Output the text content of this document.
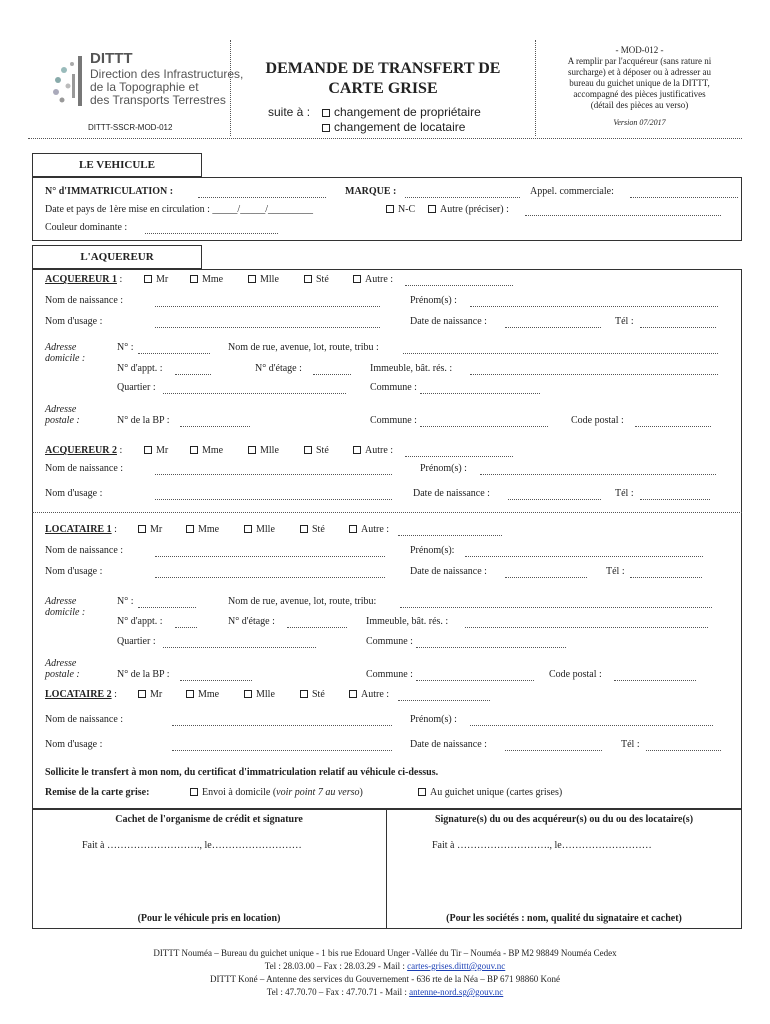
DITTT
Direction des Infrastructures,
de la Topographie et
des Transports Terrestres
DITTT-SSCR-MOD-012
DEMANDE DE TRANSFERT DE
CARTE GRISE
suite à :	changement de propriétaire
changement de locataire
- MOD-012 -
A remplir par l'acquéreur (sans rature ni
surcharge) et à déposer ou à adresser au
bureau du guichet unique de la DITTT,
accompagné des pièces justificatives
(détail des pièces au verso)
Version 07/2017
LE VEHICULE
N° d'IMMATRICULATION :	MARQUE :	Appel. commerciale:
Date et pays de 1ère mise en circulation : _____/_____/_________	N-C	Autre (préciser) :
Couleur dominante :
L'AQUEREUR
ACQUEREUR 1 :	Mr	Mme	Mlle	Sté	Autre :
Nom de naissance :	Prénom(s) :
Nom d'usage :	Date de naissance :	Tél :
Adresse
domicile :
N° :	Nom de rue, avenue, lot, route, tribu :
N° d'appt. :	N° d'étage :	Immeuble, bât. rés. :
Quartier :	Commune :
Adresse
postale :	N° de la BP :	Commune :	Code postal :
ACQUEREUR 2 :	Mr	Mme	Mlle	Sté	Autre :
Nom de naissance :	Prénom(s) :
Nom d'usage :	Date de naissance :	Tél :
LOCATAIRE 1 :	Mr	Mme	Mlle	Sté	Autre :
Nom de naissance :	Prénom(s):
Nom d'usage :	Date de naissance :	Tél :
Adresse
domicile :
N° :	Nom de rue, avenue, lot, route, tribu:
N° d'appt. :	N° d'étage :	Immeuble, bât. rés. :
Quartier :	Commune :
Adresse
postale :	N° de la BP :	Commune :	Code postal :
LOCATAIRE 2 :	Mr	Mme	Mlle	Sté	Autre :
Nom de naissance :	Prénom(s) :
Nom d'usage :	Date de naissance :	Tél :
Sollicite le transfert à mon nom, du certificat d'immatriculation relatif au véhicule ci-dessus.
Remise de la carte grise:	Envoi à domicile (voir point 7 au verso)	Au guichet unique (cartes grises)
Cachet de l'organisme de crédit et signature	Signature(s) du ou des acquéreur(s) ou du ou des locataire(s)
Fait à ………………………., le………………………	Fait à ………………………., le………………………
(Pour le véhicule pris en location)	(Pour les sociétés : nom, qualité du signataire et cachet)
DITTT Nouméa – Bureau du guichet unique - 1 bis rue Edouard Unger -Vallée du Tir – Nouméa - BP M2 98849 Nouméa Cedex
Tel : 28.03.00 – Fax : 28.03.29 - Mail : cartes-grises.dittt@gouv.nc
DITTT Koné – Antenne des services du Gouvernement - 636 rte de la Néa – BP 671 98860 Koné
Tel : 47.70.70 – Fax : 47.70.71 - Mail : antenne-nord.sg@gouv.nc
